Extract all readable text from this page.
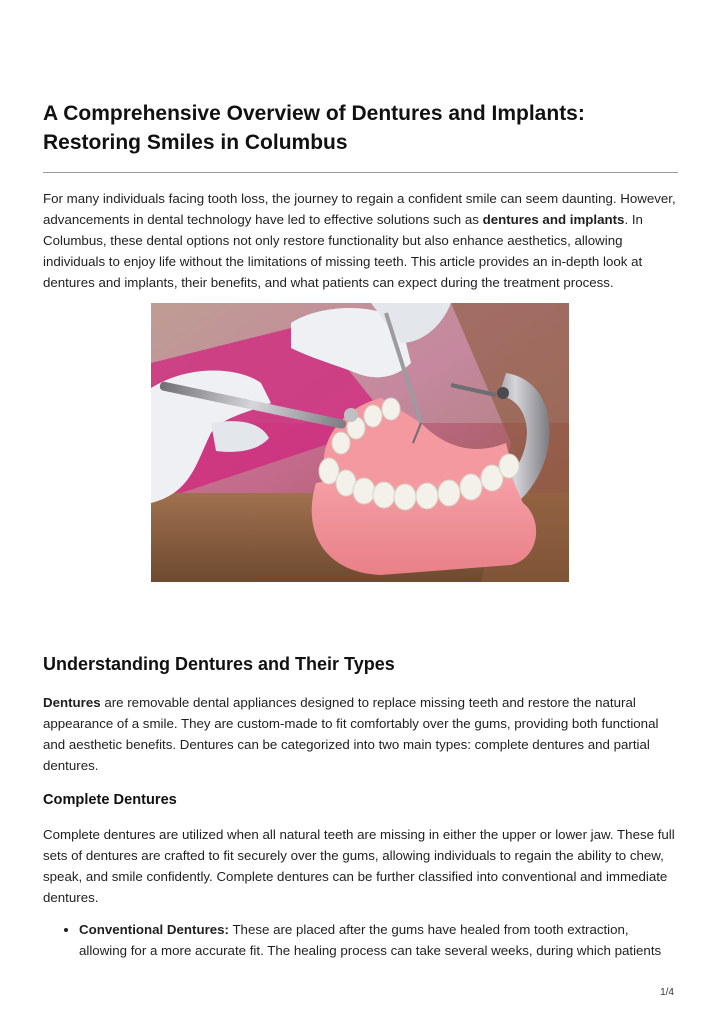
A Comprehensive Overview of Dentures and Implants: Restoring Smiles in Columbus

For many individuals facing tooth loss, the journey to regain a confident smile can seem daunting. However, advancements in dental technology have led to effective solutions such as dentures and implants. In Columbus, these dental options not only restore functionality but also enhance aesthetics, allowing individuals to enjoy life without the limitations of missing teeth. This article provides an in-depth look at dentures and implants, their benefits, and what patients can expect during the treatment process.

Understanding Dentures and Their Types

Dentures are removable dental appliances designed to replace missing teeth and restore the natural appearance of a smile. They are custom-made to fit comfortably over the gums, providing both functional and aesthetic benefits. Dentures can be categorized into two main types: complete dentures and partial dentures.

Complete Dentures

Complete dentures are utilized when all natural teeth are missing in either the upper or lower jaw. These full sets of dentures are crafted to fit securely over the gums, allowing individuals to regain the ability to chew, speak, and smile confidently. Complete dentures can be further classified into conventional and immediate dentures.

• Conventional Dentures: These are placed after the gums have healed from tooth extraction, allowing for a more accurate fit. The healing process can take several weeks, during which patients
1/4
